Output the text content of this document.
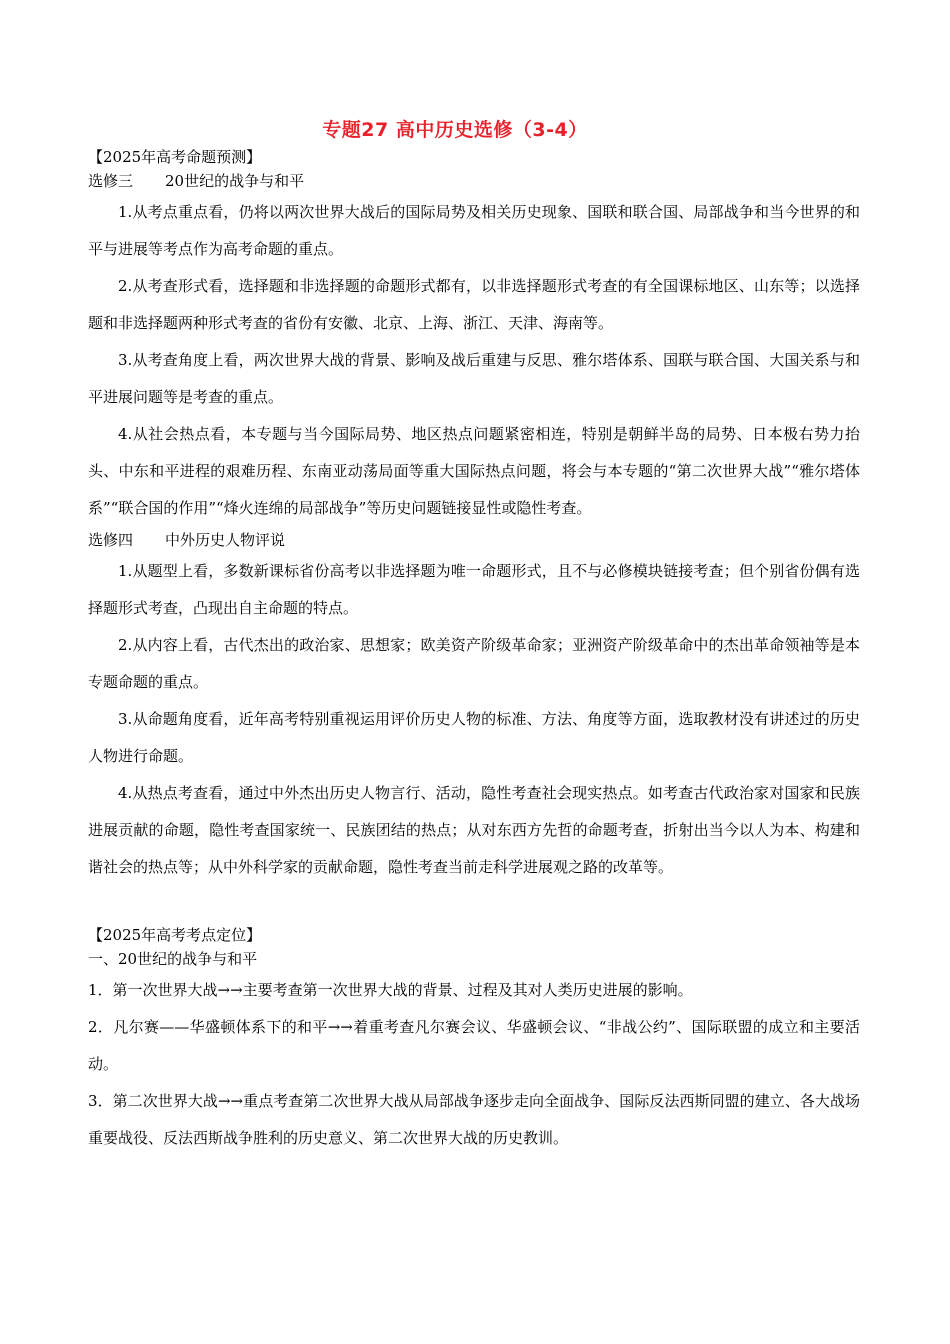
专题27 高中历史选修（3-4）
【2025年高考命题预测】
选修三 20世纪的战争与和平

1.从考点重点看，仍将以两次世界大战后的国际局势及相关历史现象、国联和联合国、局部战争和当今世界的和平与进展等考点作为高考命题的重点。

2.从考查形式看，选择题和非选择题的命题形式都有，以非选择题形式考查的有全国课标地区、山东等；以选择题和非选择题两种形式考查的省份有安徽、北京、上海、浙江、天津、海南等。

3.从考查角度上看，两次世界大战的背景、影响及战后重建与反思、雅尔塔体系、国联与联合国、大国关系与和平进展问题等是考查的重点。

4.从社会热点看，本专题与当今国际局势、地区热点问题紧密相连，特别是朝鲜半岛的局势、日本极右势力抬头、中东和平进程的艰难历程、东南亚动荡局面等重大国际热点问题，将会与本专题的“第二次世界大战”“雅尔塔体系”“联合国的作用”“烽火连绵的局部战争”等历史问题链接显性或隐性考查。

选修四 中外历史人物评说

1.从题型上看，多数新课标省份高考以非选择题为唯一命题形式，且不与必修模块链接考查；但个别省份偶有选择题形式考查，凸现出自主命题的特点。

2.从内容上看，古代杰出的政治家、思想家；欧美资产阶级革命家；亚洲资产阶级革命中的杰出革命领袖等是本专题命题的重点。

3.从命题角度看，近年高考特别重视运用评价历史人物的标准、方法、角度等方面，选取教材没有讲述过的历史人物进行命题。

4.从热点考查看，通过中外杰出历史人物言行、活动，隐性考查社会现实热点。如考查古代政治家对国家和民族进展贡献的命题，隐性考查国家统一、民族团结的热点；从对东西方先哲的命题考查，折射出当今以人为本、构建和谐社会的热点等；从中外科学家的贡献命题，隐性考查当前走科学进展观之路的改革等。

【2025年高考考点定位】
一、20世纪的战争与和平

1．第一次世界大战→→主要考查第一次世界大战的背景、过程及其对人类历史进展的影响。

2．凡尔赛——华盛顿体系下的和平→→着重考查凡尔赛会议、华盛顿会议、“非战公约”、国际联盟的成立和主要活动。

3．第二次世界大战→→重点考查第二次世界大战从局部战争逐步走向全面战争、国际反法西斯同盟的建立、各大战场重要战役、反法西斯战争胜利的历史意义、第二次世界大战的历史教训。
